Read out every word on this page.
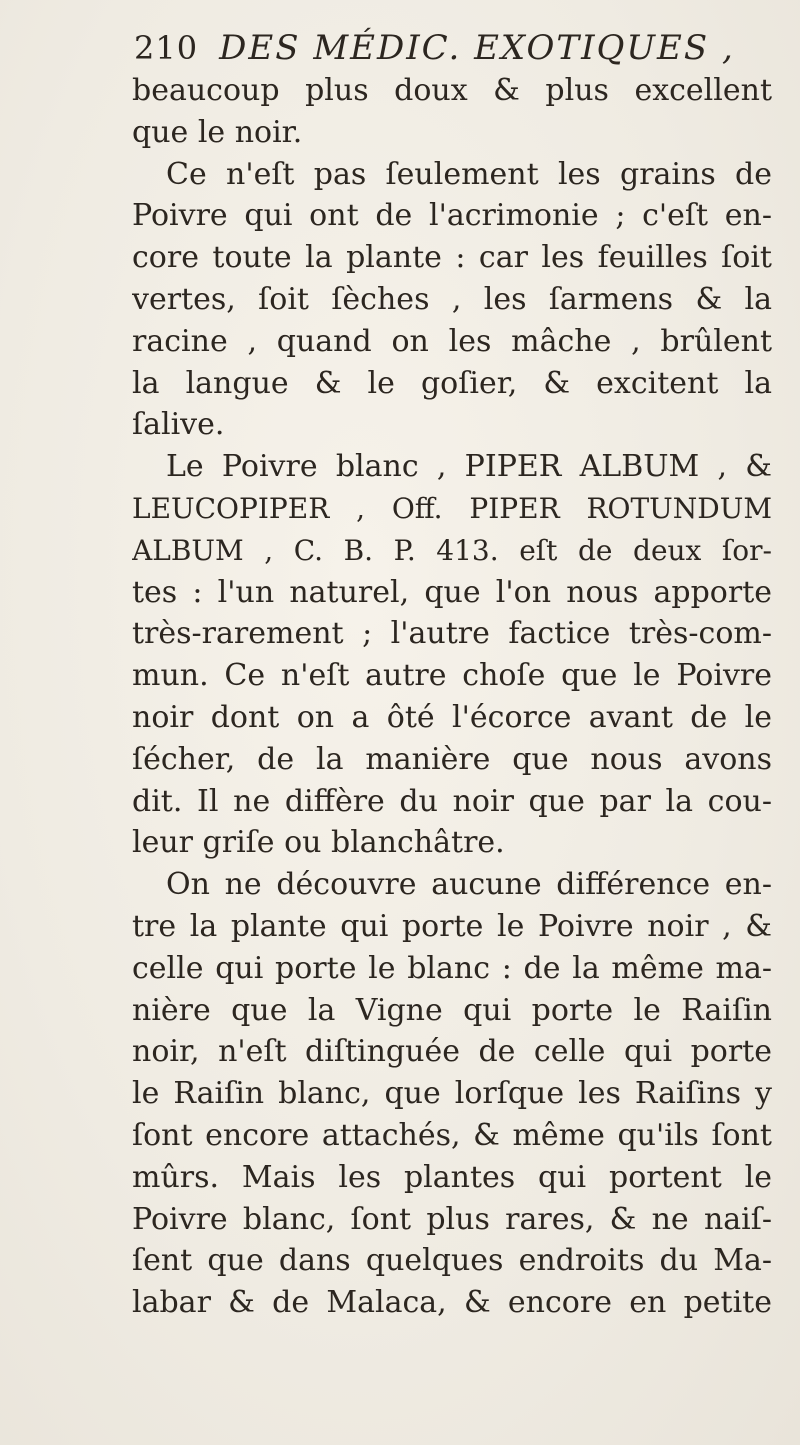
210 DES MÉDIC. EXOTIQUES ,
beaucoup plus doux & plus excellent
que le noir.
Ce n'eſt pas ſeulement les grains de
Poivre qui ont de l'acrimonie ; c'eſt en-
core toute la plante : car les feuilles ſoit
vertes, ſoit ſèches , les ſarmens & la
racine , quand on les mâche , brûlent
la langue & le goſier, & excitent la
ſalive.
Le Poivre blanc , PIPER ALBUM , &
LEUCOPIPER , Off. PIPER ROTUNDUM
ALBUM , C. B. P. 413. eſt de deux ſor-
tes : l'un naturel, que l'on nous apporte
très-rarement ; l'autre factice très-com-
mun. Ce n'eſt autre choſe que le Poivre
noir dont on a ôté l'écorce avant de le
ſécher, de la manière que nous avons
dit. Il ne diffère du noir que par la cou-
leur griſe ou blanchâtre.
On ne découvre aucune différence en-
tre la plante qui porte le Poivre noir , &
celle qui porte le blanc : de la même ma-
nière que la Vigne qui porte le Raiſin
noir, n'eſt diſtinguée de celle qui porte
le Raiſin blanc, que lorſque les Raiſins y
ſont encore attachés, & même qu'ils ſont
mûrs. Mais les plantes qui portent le
Poivre blanc, ſont plus rares, & ne naiſ-
ſent que dans quelques endroits du Ma-
labar & de Malaca, & encore en petite
